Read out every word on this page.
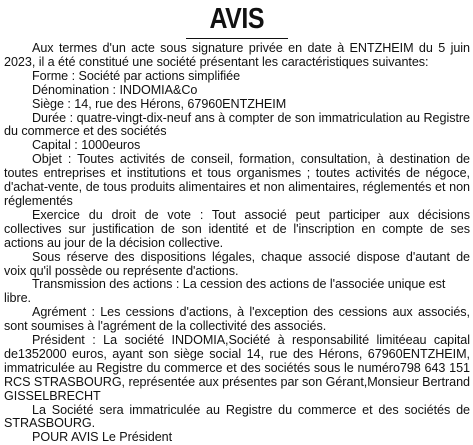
AVIS

Aux termes d'un acte sous signature privée en date à ENTZHEIM du 5 juin 2023, il a été constitué une société présentant les caractéristiques suivantes:

Forme : Société par actions simplifiée

Dénomination : INDOMIA&Co

Siège : 14, rue des Hérons, 67960ENTZHEIM

Durée : quatre-vingt-dix-neuf ans à compter de son immatriculation au Registre du commerce et des sociétés

Capital : 1000euros

Objet : Toutes activités de conseil, formation, consultation, à destination de toutes entreprises et institutions et tous organismes ; toutes activités de négoce, d'achat-vente, de tous produits alimentaires et non alimentaires, réglementés et non réglementés

Exercice du droit de vote : Tout associé peut participer aux décisions collectives sur justification de son identité et de l'inscription en compte de ses actions au jour de la décision collective.

Sous réserve des dispositions légales, chaque associé dispose d'autant de voix qu'il possède ou représente d'actions.

Transmission des actions : La cession des actions de l'associée unique est libre.

Agrément : Les cessions d'actions, à l'exception des cessions aux associés, sont soumises à l'agrément de la collectivité des associés.

Président : La société INDOMIA,Société à responsabilité limitéeau capital de1352000 euros, ayant son siège social 14, rue des Hérons, 67960ENTZHEIM, immatriculée au Registre du commerce et des sociétés sous le numéro798 643 151 RCS STRASBOURG, représentée aux présentes par son Gérant,Monsieur Bertrand GISSELBRECHT

La Société sera immatriculée au Registre du commerce et des sociétés de STRASBOURG.

POUR AVIS Le Président
